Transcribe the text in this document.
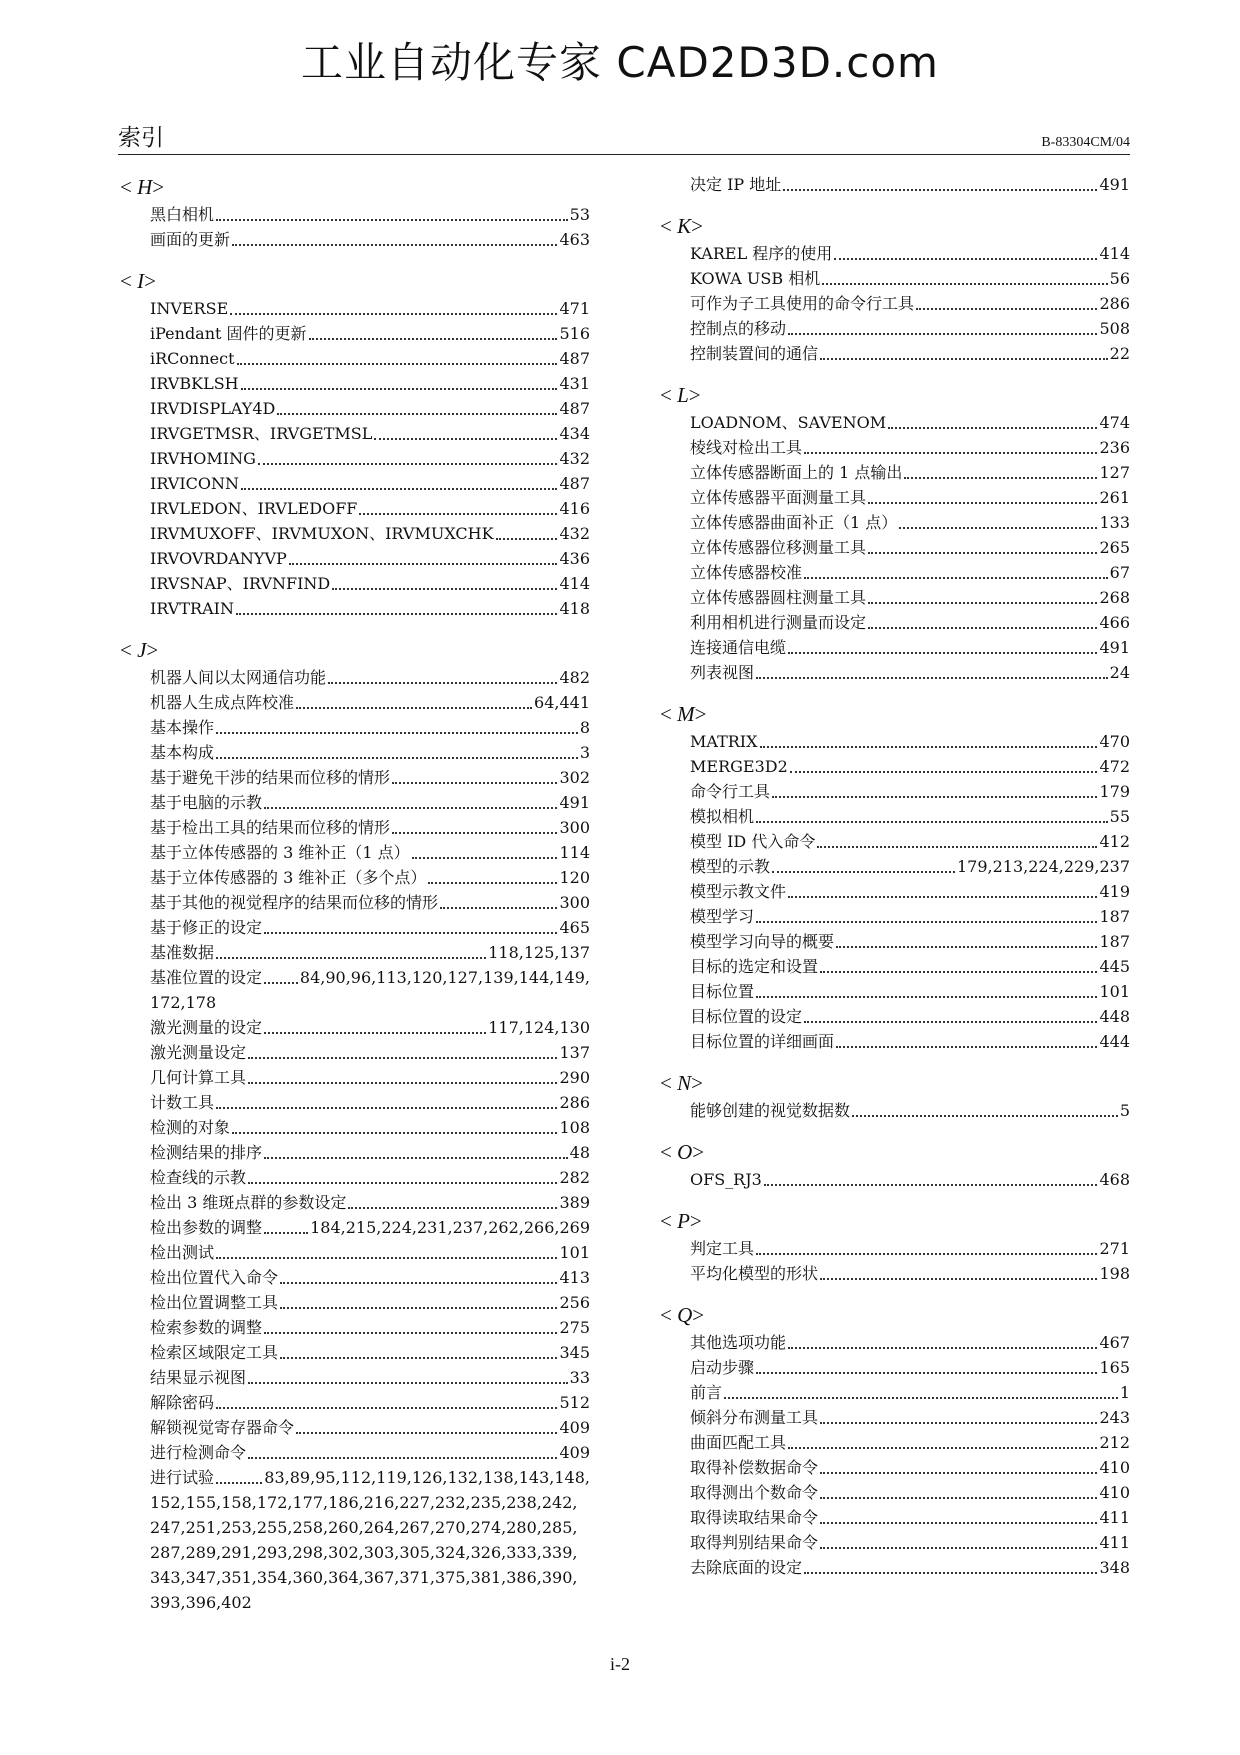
工业自动化专家 CAD2D3D.com
索引	B-83304CM/04
< H>
黑白相机	53
画面的更新	463
< I>
INVERSE	471
iPendant 固件的更新	516
iRConnect	487
IRVBKLSH	431
IRVDISPLAY4D	487
IRVGETMSR、IRVGETMSL	434
IRVHOMING	432
IRVICONN	487
IRVLEDON、IRVLEDOFF	416
IRVMUXOFF、IRVMUXON、IRVMUXCHK	432
IRVOVRDANYVP	436
IRVSNAP、IRVNFIND	414
IRVTRAIN	418
< J>
机器人间以太网通信功能	482
机器人生成点阵校准	64,441
基本操作	8
基本构成	3
基于避免干涉的结果而位移的情形	302
基于电脑的示教	491
基于检出工具的结果而位移的情形	300
基于立体传感器的 3 维补正（1 点）	114
基于立体传感器的 3 维补正（多个点）	120
基于其他的视觉程序的结果而位移的情形	300
基于修正的设定	465
基准数据	118,125,137
基准位置的设定 84,90,96,113,120,127,139,144,149,
172,178
激光测量的设定	117,124,130
激光测量设定	137
几何计算工具	290
计数工具	286
检测的对象	108
检测结果的排序	48
检查线的示教	282
检出 3 维斑点群的参数设定	389
检出参数的调整	184,215,224,231,237,262,266,269
检出测试	101
检出位置代入命令	413
检出位置调整工具	256
检索参数的调整	275
检索区域限定工具	345
结果显示视图	33
解除密码	512
解锁视觉寄存器命令	409
进行检测命令	409
进行试验	83,89,95,112,119,126,132,138,143,148,
152,155,158,172,177,186,216,227,232,235,238,242,
247,251,253,255,258,260,264,267,270,274,280,285,
287,289,291,293,298,302,303,305,324,326,333,339,
343,347,351,354,360,364,367,371,375,381,386,390,
393,396,402
决定 IP 地址	491
< K>
KAREL 程序的使用	414
KOWA USB 相机	56
可作为子工具使用的命令行工具	286
控制点的移动	508
控制装置间的通信	22
< L>
LOADNOM、SAVENOM	474
棱线对检出工具	236
立体传感器断面上的 1 点输出	127
立体传感器平面测量工具	261
立体传感器曲面补正（1 点）	133
立体传感器位移测量工具	265
立体传感器校准	67
立体传感器圆柱测量工具	268
利用相机进行测量而设定	466
连接通信电缆	491
列表视图	24
< M>
MATRIX	470
MERGE3D2	472
命令行工具	179
模拟相机	55
模型 ID 代入命令	412
模型的示教	179,213,224,229,237
模型示教文件	419
模型学习	187
模型学习向导的概要	187
目标的选定和设置	445
目标位置	101
目标位置的设定	448
目标位置的详细画面	444
< N>
能够创建的视觉数据数	5
< O>
OFS_RJ3	468
< P>
判定工具	271
平均化模型的形状	198
< Q>
其他选项功能	467
启动步骤	165
前言	1
倾斜分布测量工具	243
曲面匹配工具	212
取得补偿数据命令	410
取得测出个数命令	410
取得读取结果命令	411
取得判别结果命令	411
去除底面的设定	348
i-2
